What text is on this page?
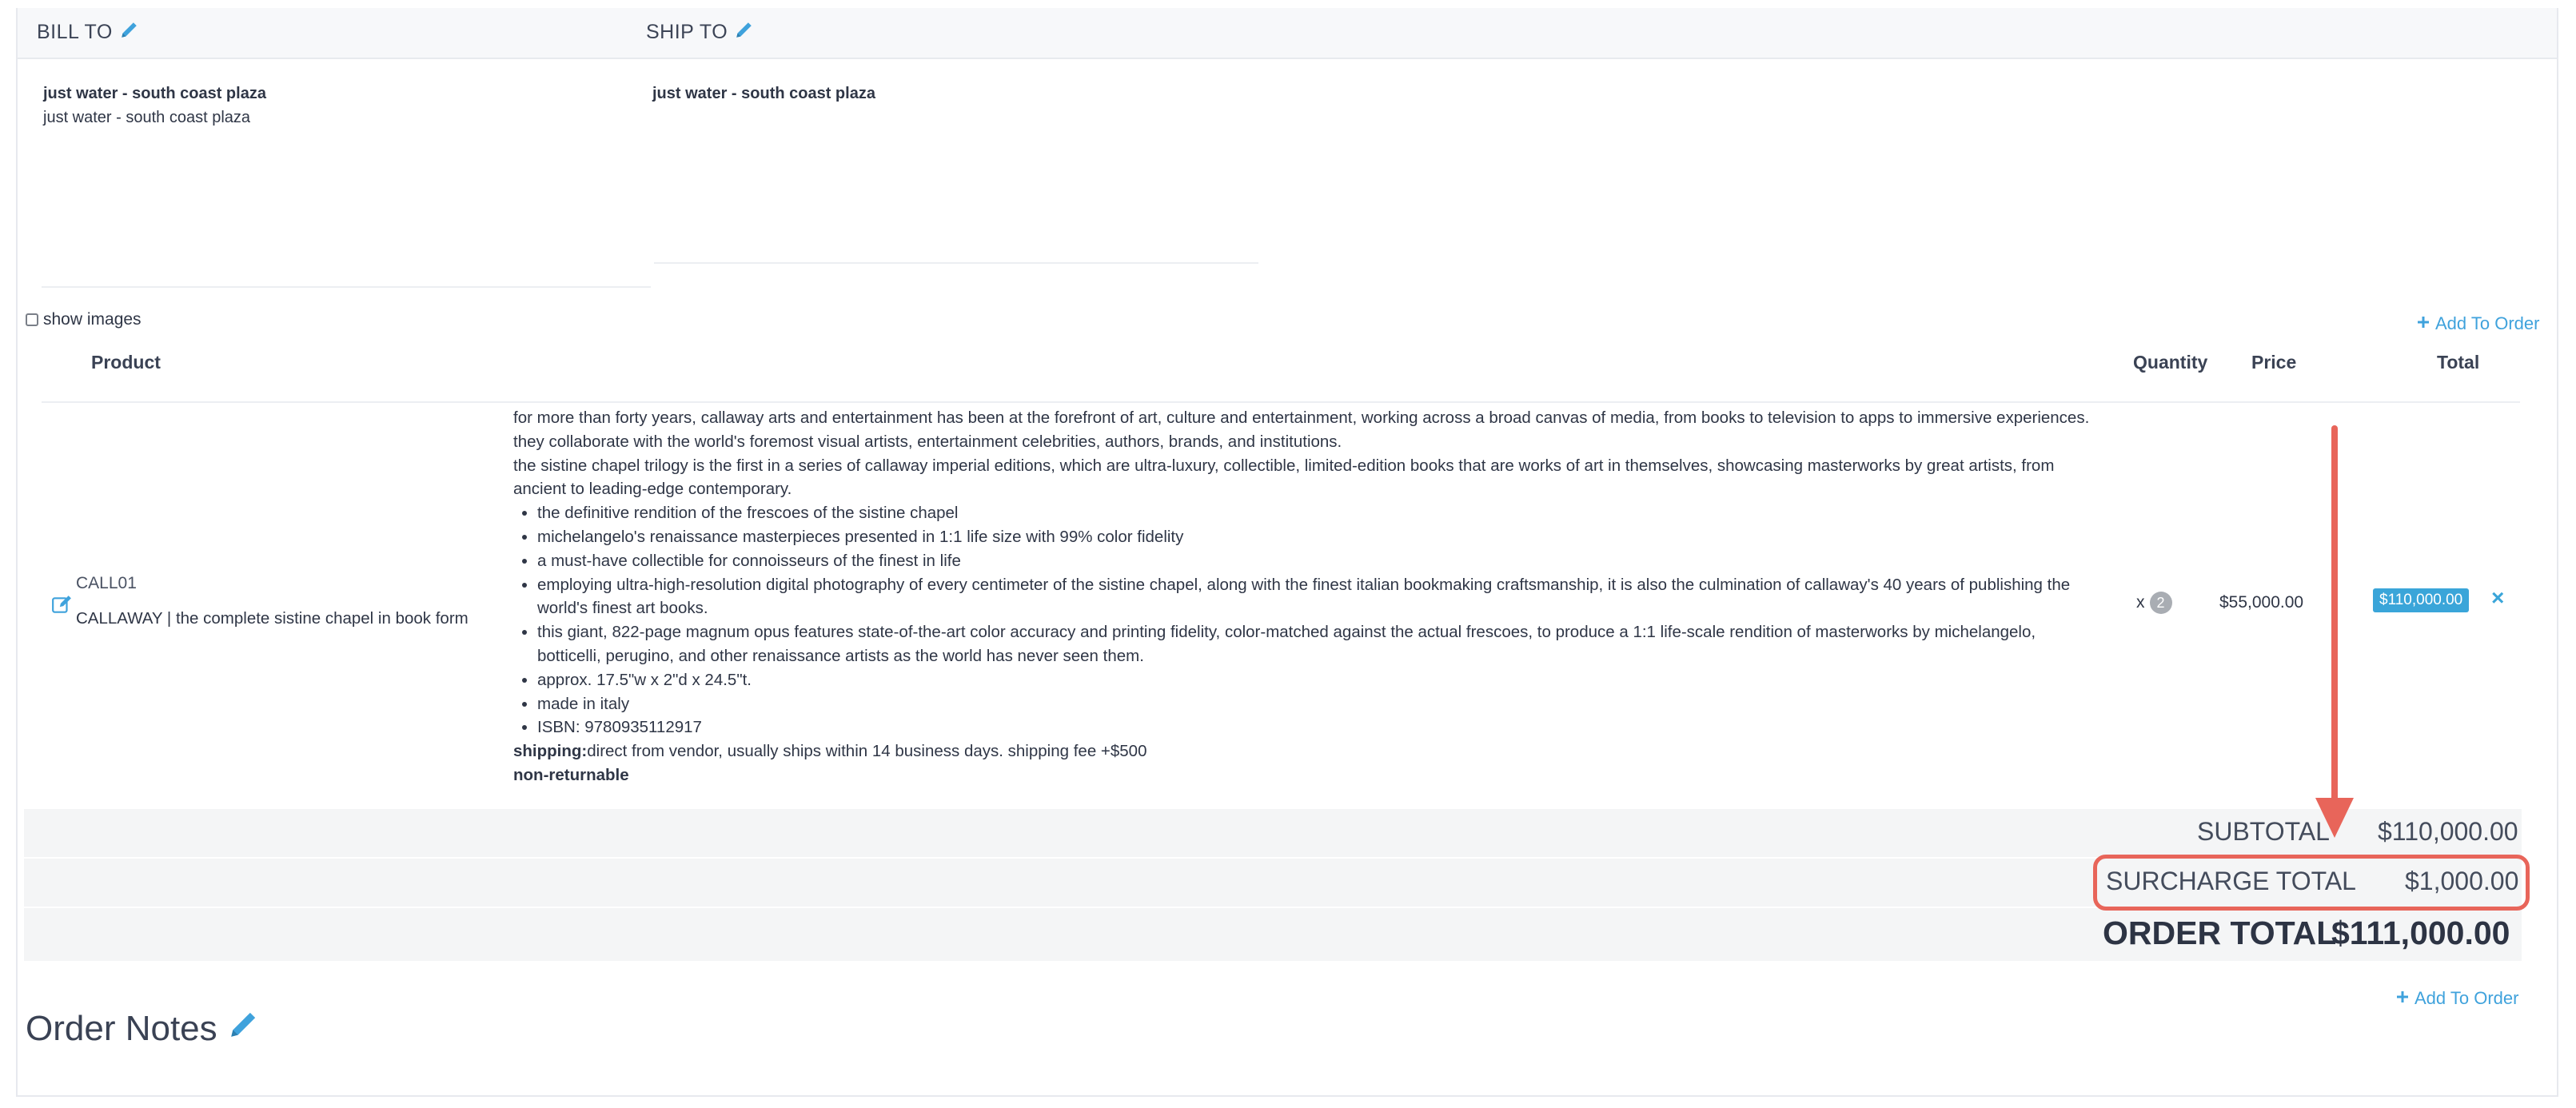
BILL TO	SHIP TO
just water - south coast plaza
just water - south coast plaza
just water - south coast plaza
show images	Add To Order
Product	Quantity Price	Total
CALL01
CALLAWAY | the complete sistine chapel in book form

for more than forty years, callaway arts and entertainment has been at the forefront of art, culture and entertainment, working across a broad canvas of media, from books to television to apps to immersive experiences. they collaborate with the world's foremost visual artists, entertainment celebrities, authors, brands, and institutions.

the sistine chapel trilogy is the first in a series of callaway imperial editions, which are ultra-luxury, collectible, limited-edition books that are works of art in themselves, showcasing masterworks by great artists, from ancient to leading-edge contemporary.

• the definitive rendition of the frescoes of the sistine chapel
• michelangelo's renaissance masterpieces presented in 1:1 life size with 99% color fidelity
• a must-have collectible for connoisseurs of the finest in life
• employing ultra-high-resolution digital photography of every centimeter of the sistine chapel, along with the finest italian bookmaking craftsmanship, it is also the culmination of callaway's 40 years of publishing the world's finest art books.
• this giant, 822-page magnum opus features state-of-the-art color accuracy and printing fidelity, color-matched against the actual frescoes, to produce a 1:1 life-scale rendition of masterworks by michelangelo, botticelli, perugino, and other renaissance artists as the world has never seen them.
• approx. 17.5"w x 2"d x 24.5"t.
• made in italy
• ISBN: 9780935112917

shipping:direct from vendor, usually ships within 14 business days. shipping fee +$500

non-returnable

x 2	$55,000.00	$110,000.00 ×
SUBTOTAL $110,000.00
SURCHARGE TOTAL $1,000.00
ORDER TOTAL
$111,000.00
Add To Order
Order Notes
